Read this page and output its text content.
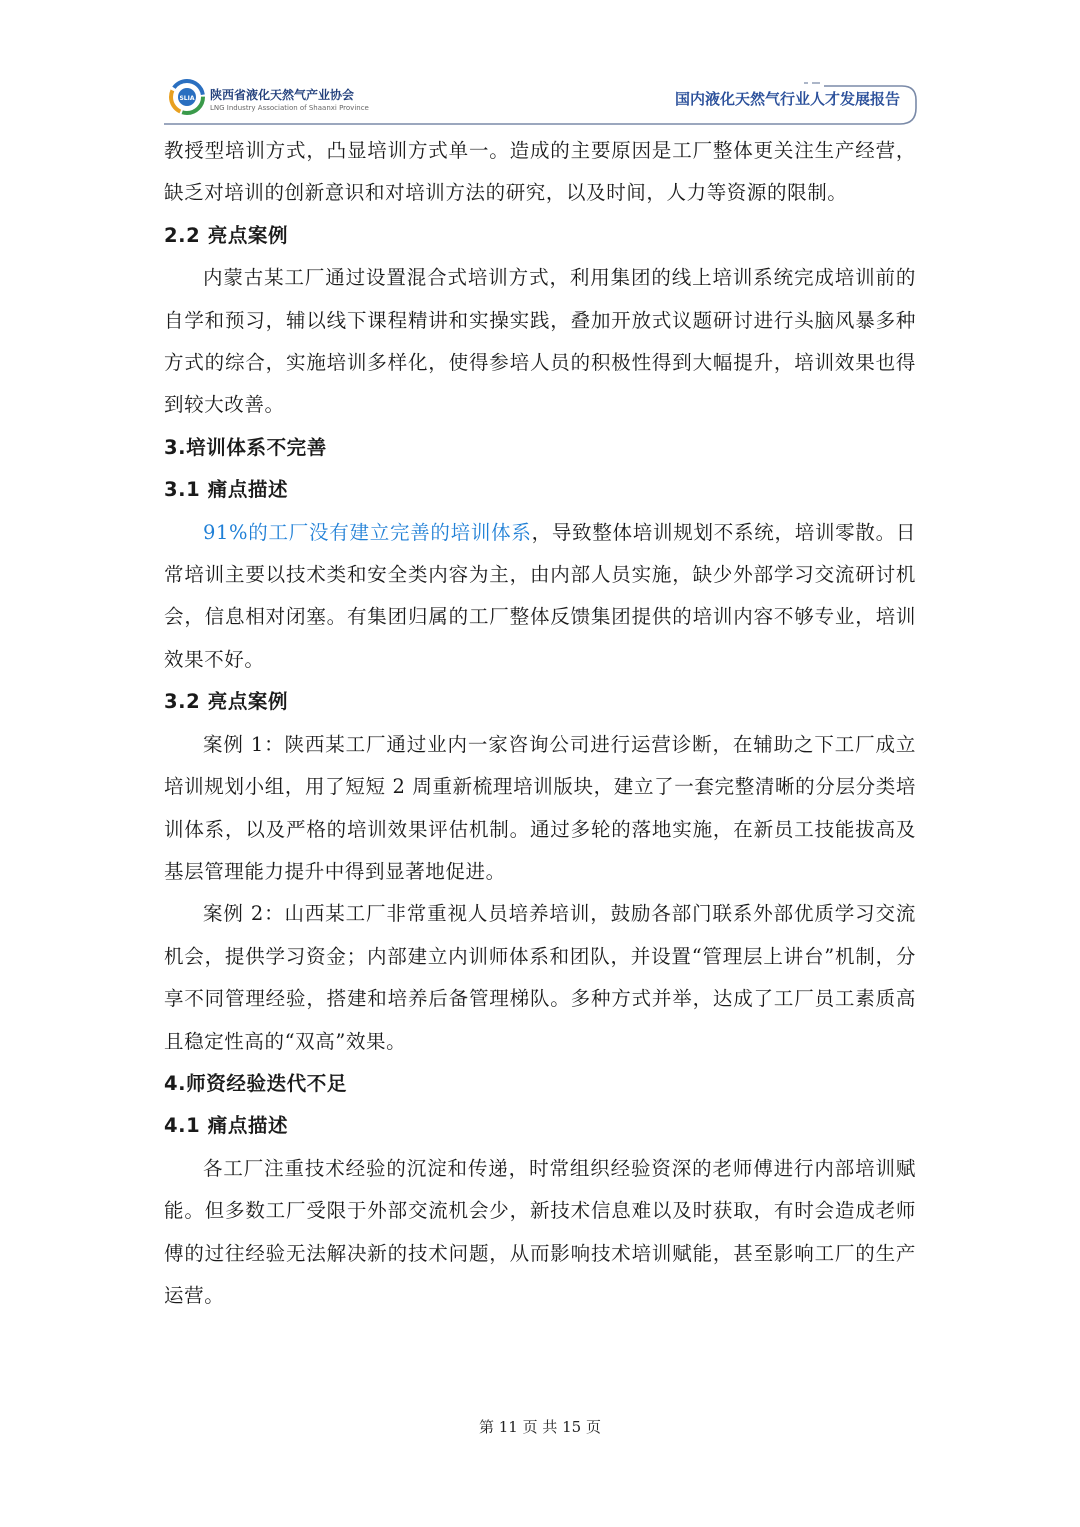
SLIA 陕西省液化天然气产业协会
LNG Industry Association of Shaanxi Province	国内液化天然气行业人才发展报告

教授型培训方式，凸显培训方式单一。造成的主要原因是工厂整体更关注生产经营，缺乏对培训的创新意识和对培训方法的研究，以及时间，人力等资源的限制。

2.2 亮点案例

内蒙古某工厂通过设置混合式培训方式，利用集团的线上培训系统完成培训前的自学和预习，辅以线下课程精讲和实操实践，叠加开放式议题研讨进行头脑风暴多种方式的综合，实施培训多样化，使得参培人员的积极性得到大幅提升，培训效果也得到较大改善。

3.培训体系不完善

3.1 痛点描述

91%的工厂没有建立完善的培训体系，导致整体培训规划不系统，培训零散。日常培训主要以技术类和安全类内容为主，由内部人员实施，缺少外部学习交流研讨机会，信息相对闭塞。有集团归属的工厂整体反馈集团提供的培训内容不够专业，培训效果不好。

3.2 亮点案例

案例 1：陕西某工厂通过业内一家咨询公司进行运营诊断，在辅助之下工厂成立培训规划小组，用了短短 2 周重新梳理培训版块，建立了一套完整清晰的分层分类培训体系，以及严格的培训效果评估机制。通过多轮的落地实施，在新员工技能拔高及基层管理能力提升中得到显著地促进。

案例 2：山西某工厂非常重视人员培养培训，鼓励各部门联系外部优质学习交流机会，提供学习资金；内部建立内训师体系和团队，并设置“管理层上讲台”机制，分享不同管理经验，搭建和培养后备管理梯队。多种方式并举，达成了工厂员工素质高且稳定性高的“双高”效果。

4.师资经验迭代不足

4.1 痛点描述

各工厂注重技术经验的沉淀和传递，时常组织经验资深的老师傅进行内部培训赋能。但多数工厂受限于外部交流机会少，新技术信息难以及时获取，有时会造成老师傅的过往经验无法解决新的技术问题，从而影响技术培训赋能，甚至影响工厂的生产运营。

第 11 页 共 15 页
